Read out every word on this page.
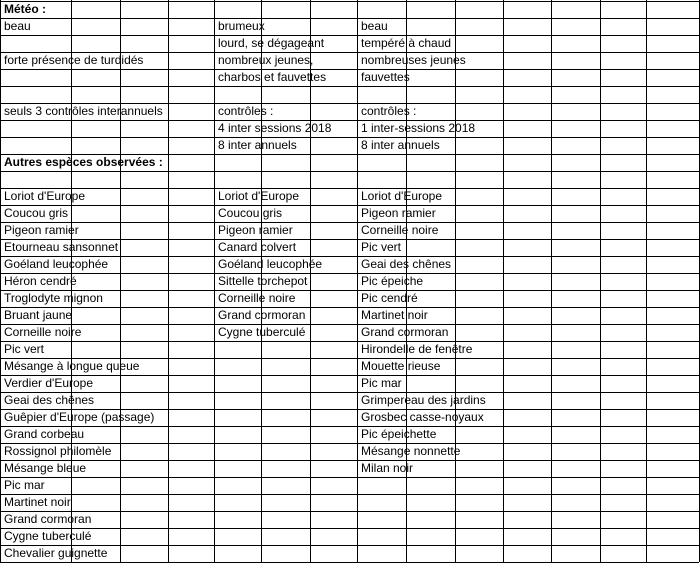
Météo :
beau
forte présence de turdidés
seuls 3 contrôles interannuels
brumeux
lourd, se dégageant
nombreux jeunes,
charbos et fauvettes
contrôles :
4 inter sessions 2018
8 inter annuels
beau
tempéré à chaud
nombreuses jeunes
fauvettes
contrôles :
1 inter-sessions 2018
8 inter annuels
Autres espèces observées :
Loriot d'Europe
Coucou gris
Pigeon ramier
Etourneau sansonnet
Goéland leucophée
Héron cendré
Troglodyte mignon
Bruant jaune
Corneille noire
Pic vert
Mésange à longue queue
Verdier d'Europe
Geai des chênes
Guêpier d'Europe (passage)
Grand corbeau
Rossignol philomèle
Mésange bleue
Pic mar
Martinet noir
Grand cormoran
Cygne tuberculé
Chevalier guignette
Loriot d'Europe
Coucou gris
Pigeon ramier
Canard colvert
Goéland leucophée
Sittelle torchepot
Corneille noire
Grand cormoran
Cygne tuberculé
Loriot d'Europe
Pigeon ramier
Corneille noire
Pic vert
Geai des chênes
Pic épeiche
Pic cendré
Martinet noir
Grand cormoran
Hirondelle de fenêtre
Mouette rieuse
Pic mar
Grimpereau des jardins
Grosbec casse-noyaux
Pic épeichette
Mésange nonnette
Milan noir
